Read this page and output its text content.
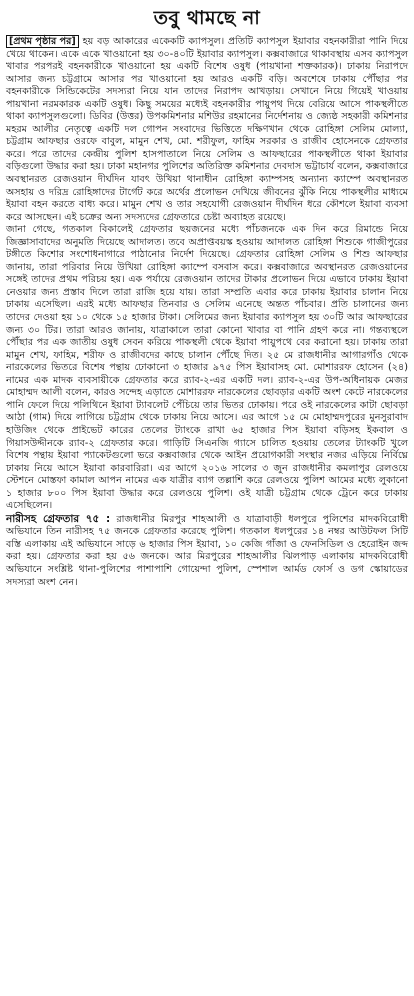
তবু থামছে না

[প্রথম পৃষ্ঠার পর] হয় বড় আকারের একেকটি ক্যাপসুল। প্রতিটি ক্যাপসুল ইয়াবার বহনকারীরা পানি দিয়ে খেয়ে থাকেন। একে একে খাওয়ানো হয় ৩০-৪০টি ইয়াবার ক্যাপসুল। কক্সবাজারে থাকাবস্থায় এসব ক্যাপসুল খাবার পরপরই বহনকারীকে খাওয়ানো হয় একটি বিশেষ ওষুধ (পায়খানা শক্তকারক)। ঢাকায় নিরাপদে আসার জন্য চট্টগ্রামে আসার পর খাওয়ানো হয় আরও একটি বড়ি। অবশেষে ঢাকায় পৌঁছার পর বহনকারীকে সিন্ডিকেটের সদস্যরা নিয়ে যান তাদের নিরাপদ আখড়ায়। সেখানে নিয়ে গিয়েই খাওয়ায় পায়খানা নরমকারক একটি ওষুধ। কিছু সময়ের মধ্যেই বহনকারীর পায়ুপথ দিয়ে বেরিয়ে আসে পাকস্থলীতে থাকা ক্যাপসুলগুলো। ডিবির (উত্তর) উপকমিশনার মশিউর রহমানের নির্দেশনায় ও জ্যেষ্ঠ সহকারী কমিশনার মহরম আলীর নেতৃত্বে একটি দল গোপন সংবাদের ভিত্তিতে দক্ষিণখান থেকে রোহিঙ্গা সেলিম মোল্যা, চট্টগ্রাম আফছার ওরফে বাবুল, মামুন শেখ, মো. শরীফুল, ফাহিম সরকার ও রাজীব হোসেনকে গ্রেফতার করে। পরে তাদের কেন্দ্রীয় পুলিশ হাসপাতালে নিয়ে সেলিম ও আফছারের পাকস্থলীতে থাকা ইয়াবার বড়িগুলো উদ্ধার করা হয়। ঢাকা মহানগর পুলিশের অতিরিক্ত কমিশনার দেবদাস ভট্টাচার্য বলেন, কক্সবাজারে অবস্থানরত রেজওয়ান দীর্ঘদিন যাবৎ উখিয়া থানাধীন রোহিঙ্গা ক্যাম্পসহ অন্যান্য ক্যাম্পে অবস্থানরত অসহায় ও দরিদ্র রোহিঙ্গাদের টার্গেট করে অর্থের প্রলোভন দেখিয়ে জীবনের ঝুঁকি নিয়ে পাকস্থলীর মাধ্যমে ইয়াবা বহন করতে বাধ্য করে। মামুন শেখ ও তার সহযোগী রেজওয়ান দীর্ঘদিন ধরে কৌশলে ইয়াবা ব্যবসা করে আসছেন। এই চক্রের অন্য সদস্যদের গ্রেফতারে চেষ্টা অব্যাহত রয়েছে।

জানা গেছে, গতকাল বিকালেই গ্রেফতার ছয়জনের মধ্যে পাঁচজনকে এক দিন করে রিমান্ডে নিয়ে জিজ্ঞাসাবাদের অনুমতি দিয়েছে আদালত। তবে অপ্রাপ্তবয়স্ক হওয়ায় আদালত রোহিঙ্গা শিশুকে গাজীপুরের টঙ্গীতে কিশোর সংশোধনাগারে পাঠানোর নির্দেশ দিয়েছে। গ্রেফতার রোহিঙ্গা সেলিম ও শিশু আফছার জানায়, তারা পরিবার নিয়ে উখিয়া রোহিঙ্গা ক্যাম্পে বসবাস করে। কক্সবাজারে অবস্থানরত রেজওয়ানের সঙ্গেই তাদের প্রথম পরিচয় হয়। এক পর্যায়ে রেজওয়ান তাদের টাকার প্রলোভন দিয়ে এভাবে ঢাকায় ইয়াবা নেওয়ার জন্য প্রস্তাব দিলে তারা রাজি হয়ে যায়। তারা সম্প্রতি এবার করে ঢাকায় ইয়াবার চালান নিয়ে ঢাকায় এসেছিল। এরই মধ্যে আফছার তিনবার ও সেলিম এনেছে অন্তত পাঁচবার। প্রতি চালানের জন্য তাদের দেওয়া হয় ১০ থেকে ১৫ হাজার টাকা। সেলিমের জন্য ইয়াবার ক্যাপসুল হয় ৩০টি আর আফছারের জন্য ৩০ টির। তারা আরও জানায়, যাত্রাকালে তারা কোনো খাবার বা পানি গ্রহণ করে না। গন্তব্যস্থলে পৌঁছার পর এক জাতীয় ওষুধ সেবন করিয়ে পাকস্থলী থেকে ইয়াবা পায়ুপথে বের করানো হয়। ঢাকায় তারা মামুন শেখ, ফাহিম, শরীফ ও রাজীবদের কাছে চালান পৌঁছে দিত। ২৫ মে রাজধানীর আগারগাঁও থেকে নারকেলের ভিতরে বিশেষ পন্থায় ঢোকানো ৩ হাজার ৯৭৫ পিস ইয়াবাসহ মো. মোশাররফ হোসেন (২৪) নামের এক মাদক ব্যবসায়ীকে গ্রেফতার করে র‌্যাব-২-এর একটি দল। র‌্যাব-২-এর উপ-অধিনায়ক মেজর মোহাম্মদ আলী বলেন, কারও সন্দেহ এড়াতে মোশাররফ নারকেলের ছোবড়ার একটি অংশ কেটে নারকেলের পানি ফেলে দিয়ে পলিথিনে ইয়াবা ট্যাবলেট পেঁচিয়ে তার ভিতর ঢোকায়। পরে ওই নারকেলের কাটা ছোবড়া আঠা (গাম) দিয়ে লাগিয়ে চট্টগ্রাম থেকে ঢাকায় নিয়ে আসে। এর আগে ১৫ মে মোহাম্মদপুরের মুনসুরাবাদ হাউজিং থেকে প্রাইভেট কারের তেলের ট্যাংকে রাখা ৬৫ হাজার পিস ইয়াবা বড়িসহ ইকবাল ও গিয়াসউদ্দীনকে র‌্যাব-২ গ্রেফতার করে। গাড়িটি সিএনজি গ্যাসে চালিত হওয়ায় তেলের ট্যাংকটি খুলে বিশেষ পন্থায় ইয়াবা প্যাকেটগুলো ভরে কক্সবাজার থেকে আইন প্রয়োগকারী সংস্থার নজর এড়িয়ে নির্বিঘ্নে ঢাকায় নিয়ে আসে ইয়াবা কারবারিরা। এর আগে ২০১৬ সালের ৩ জুন রাজধানীর কমলাপুর রেলওয়ে স্টেশনে মোস্তফা কামাল আপন নামের এক যাত্রীর ব্যাগ তল্লাশি করে রেলওয়ে পুলিশ আমের মধ্যে লুকানো ১ হাজার ৮০০ পিস ইয়াবা উদ্ধার করে রেলওয়ে পুলিশ। ওই যাত্রী চট্টগ্রাম থেকে ট্রেনে করে ঢাকায় এসেছিলেন।

নারীসহ গ্রেফতার ৭৫ : রাজধানীর মিরপুর শাহআলী ও যাত্রাবাড়ী ধলপুরে পুলিশের মাদকবিরোধী অভিযানে তিন নারীসহ ৭৫ জনকে গ্রেফতার করেছে পুলিশ। গতকাল ধলপুরের ১৪ নম্বর আউটফল সিটি বস্তি এলাকায় এই অভিযানে সাড়ে ৬ হাজার পিস ইয়াবা, ১০ কেজি গাঁজা ও ফেনসিডিল ও হেরোইন জব্দ করা হয়। গ্রেফতার করা হয় ৫৬ জনকে। আর মিরপুরের শাহআলীর ঝিলপাড় এলাকায় মাদকবিরোধী অভিযানে সংশ্লিষ্ট থানা-পুলিশের পাশাপাশি গোয়েন্দা পুলিশ, স্পেশাল আর্মড ফোর্স ও ডগ স্কোয়াডের সদস্যরা অংশ নেন।
